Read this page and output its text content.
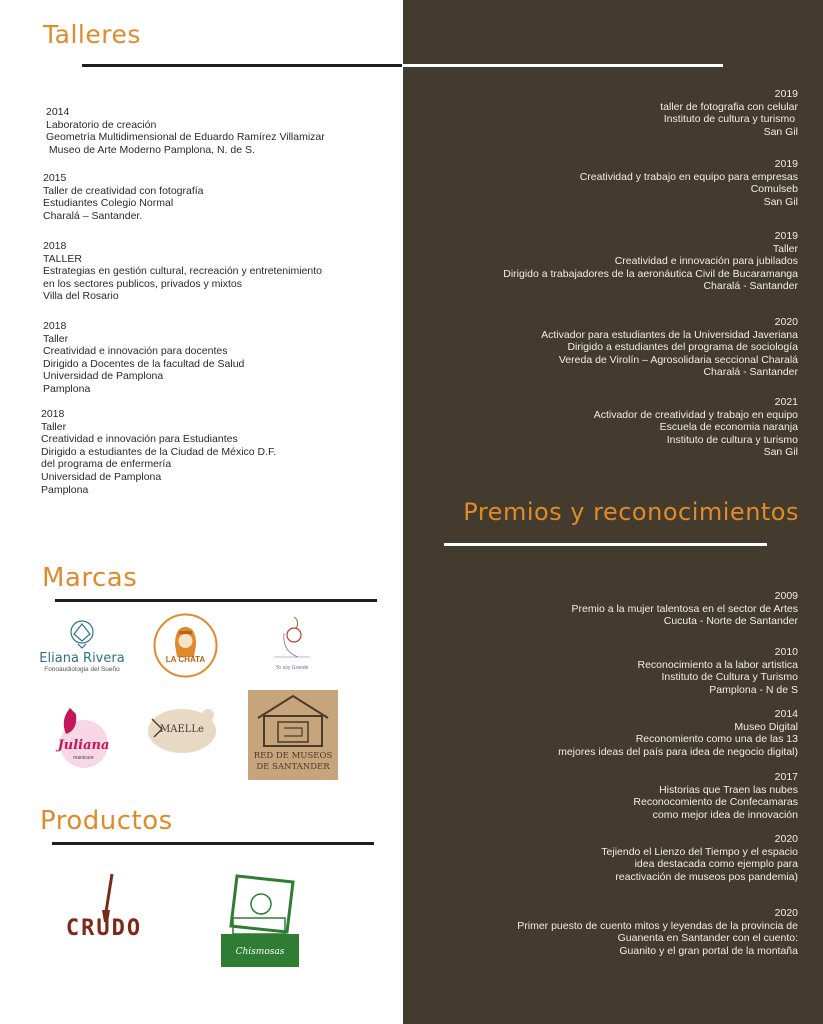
Talleres
2014
Laboratorio de creación
Geometría Multidimensional de Eduardo Ramírez Villamizar
Museo de Arte Moderno Pamplona, N. de S.
2015
Taller de creatividad con fotografía
Estudiantes Colegio Normal
Charalá – Santander.
2018
TALLER
Estrategias en gestión cultural, recreación y entretenimiento
en los sectores publicos, privados y mixtos
Villa del Rosario
2018
Taller
Creatividad e innovación para docentes
Dirigido a Docentes de la facultad de Salud
Universidad de Pamplona
Pamplona
2018
Taller
Creatividad e innovación para Estudiantes
Dirigido a estudiantes de la Ciudad de México D.F.
del programa de enfermería
Universidad de Pamplona
Pamplona
2019
taller de fotografia con celular
Instituto de cultura y turismo
San Gil
2019
Creatividad y trabajo en equipo para empresas
Comulseb
San Gil
2019
Taller
Creatividad e innovación para jubilados
Dirigido a trabajadores de la aeronáutica Civil de Bucaramanga
Charalá - Santander
2020
Activador para estudiantes de la Universidad Javeriana
Dirigido a estudiantes del programa de sociología
Vereda de Virolín – Agrosolidaria seccional Charalá
Charalá - Santander
2021
Activador de creatividad y trabajo en equipo
Escuela de economia naranja
Instituto de cultura y turismo
San Gil
Premios y reconocimientos
2009
Premio a la mujer talentosa en el sector de Artes
Cucuta - Norte de Santander
2010
Reconocimiento a la labor artistica
Instituto de Cultura y Turismo
Pamplona - N de S
2014
Museo Digital
Reconomiento como una de las 13
mejores ideas del país para idea de negocio digital)
2017
Historias que Traen las nubes
Reconocomiento de Confecamaras
como mejor idea de innovación
2020
Tejiendo el Lienzo del Tiempo y el espacio
idea destacada como ejemplo para
reactivación de museos pos pandemia)
2020
Primer puesto de cuento mitos y leyendas de la provincia de
Guanenta en Santander con el cuento:
Guanito y el gran portal de la montaña
Marcas
Eliana Rivera
Fonoaudiologia del Sueño
LA CHATA
Yo soy Grande
Juliana
manicure
MAELLe
RED DE MUSEOS
DE SANTANDER
Productos
CRUDO
Chismosas
